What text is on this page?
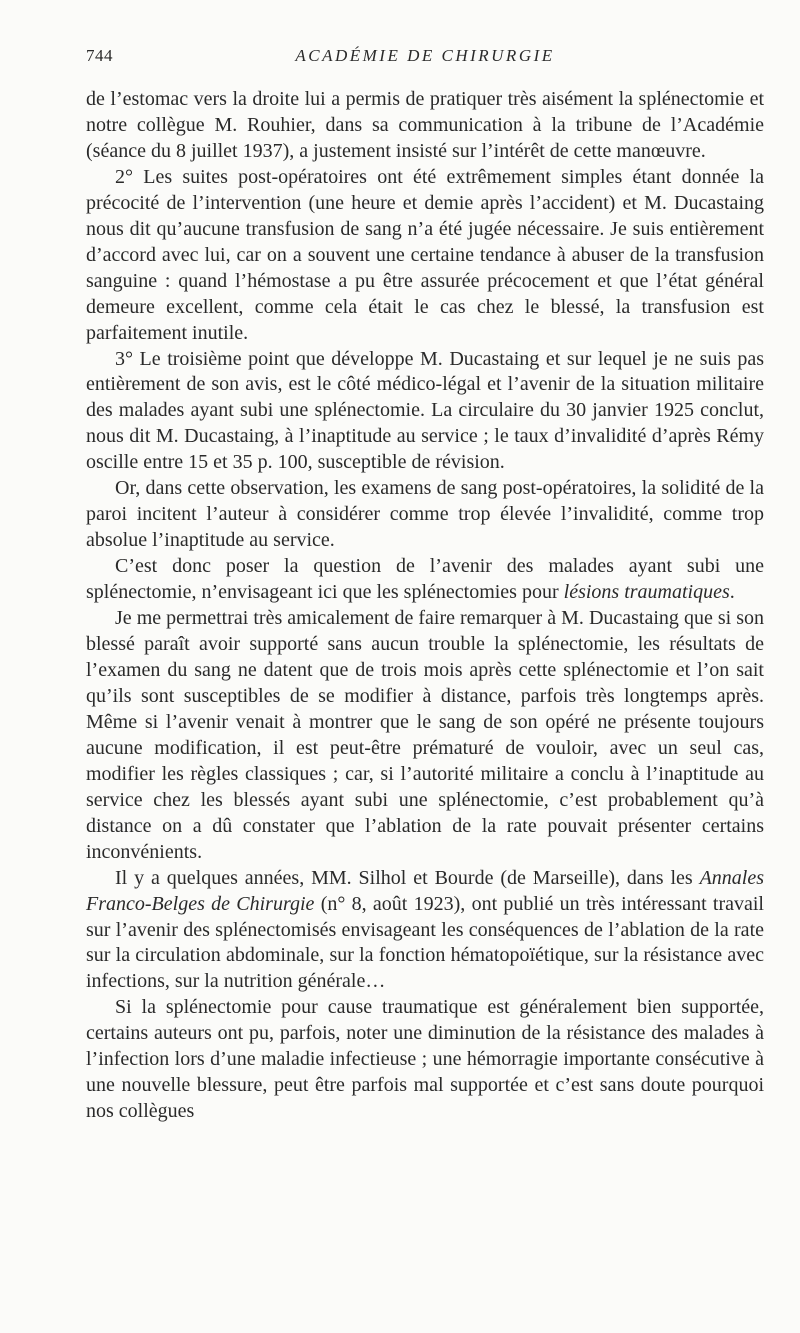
744	ACADÉMIE DE CHIRURGIE

de l’estomac vers la droite lui a permis de pratiquer très aisément la splénectomie et notre collègue M. Rouhier, dans sa communication à la tribune de l’Académie (séance du 8 juillet 1937), a justement insisté sur l’intérêt de cette manœuvre.

2° Les suites post-opératoires ont été extrêmement simples étant donnée la précocité de l’intervention (une heure et demie après l’accident) et M. Ducastaing nous dit qu’aucune transfusion de sang n’a été jugée nécessaire. Je suis entièrement d’accord avec lui, car on a souvent une certaine tendance à abuser de la transfusion sanguine : quand l’hémostase a pu être assurée précocement et que l’état général demeure excellent, comme cela était le cas chez le blessé, la transfusion est parfaitement inutile.

3° Le troisième point que développe M. Ducastaing et sur lequel je ne suis pas entièrement de son avis, est le côté médico-légal et l’avenir de la situation militaire des malades ayant subi une splénectomie. La circulaire du 30 janvier 1925 conclut, nous dit M. Ducastaing, à l’inaptitude au service ; le taux d’invalidité d’après Rémy oscille entre 15 et 35 p. 100, susceptible de révision.

Or, dans cette observation, les examens de sang post-opératoires, la solidité de la paroi incitent l’auteur à considérer comme trop élevée l’invalidité, comme trop absolue l’inaptitude au service.

C’est donc poser la question de l’avenir des malades ayant subi une splénectomie, n’envisageant ici que les splénectomies pour lésions traumatiques.

Je me permettrai très amicalement de faire remarquer à M. Ducastaing que si son blessé paraît avoir supporté sans aucun trouble la splénectomie, les résultats de l’examen du sang ne datent que de trois mois après cette splénectomie et l’on sait qu’ils sont susceptibles de se modifier à distance, parfois très longtemps après. Même si l’avenir venait à montrer que le sang de son opéré ne présente toujours aucune modification, il est peut-être prématuré de vouloir, avec un seul cas, modifier les règles classiques ; car, si l’autorité militaire a conclu à l’inaptitude au service chez les blessés ayant subi une splénectomie, c’est probablement qu’à distance on a dû constater que l’ablation de la rate pouvait présenter certains inconvénients.

Il y a quelques années, MM. Silhol et Bourde (de Marseille), dans les Annales Franco-Belges de Chirurgie (n° 8, août 1923), ont publié un très intéressant travail sur l’avenir des splénectomisés envisageant les conséquences de l’ablation de la rate sur la circulation abdominale, sur la fonction hématopoïétique, sur la résistance avec infections, sur la nutrition générale…

Si la splénectomie pour cause traumatique est généralement bien supportée, certains auteurs ont pu, parfois, noter une diminution de la résistance des malades à l’infection lors d’une maladie infectieuse ; une hémorragie importante consécutive à une nouvelle blessure, peut être parfois mal supportée et c’est sans doute pourquoi nos collègues
